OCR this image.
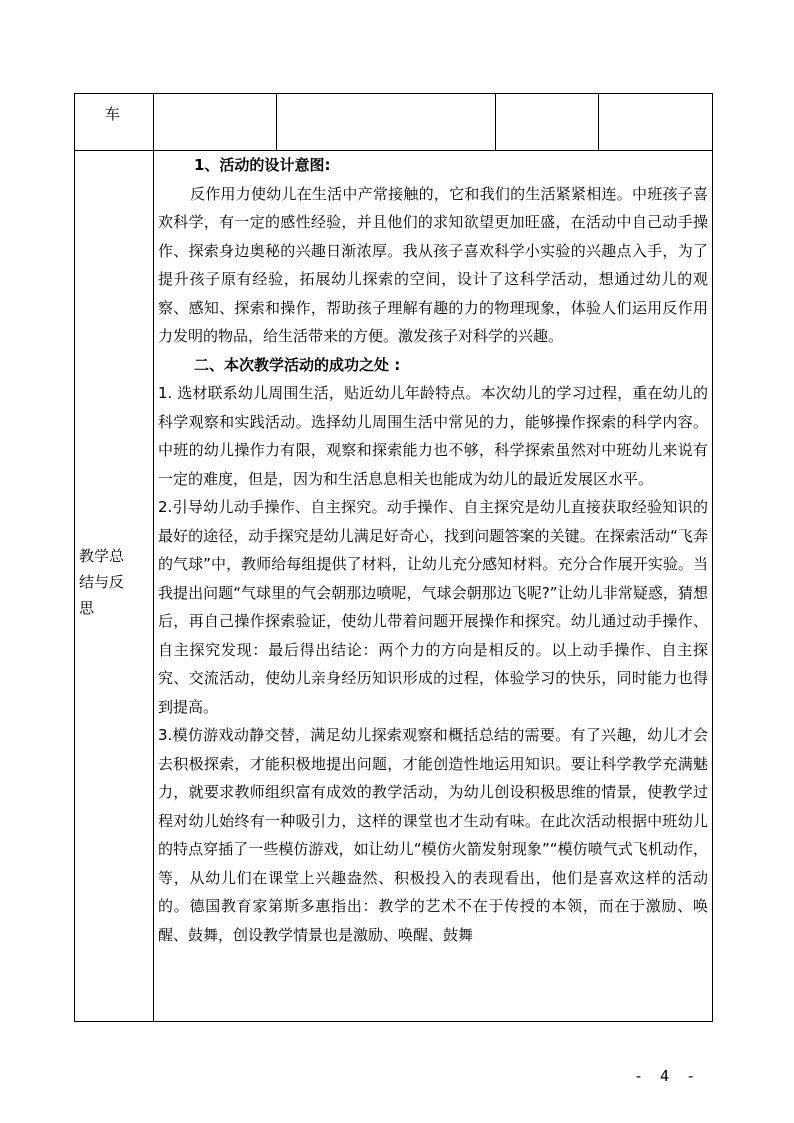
车
教学总
结与反
思

1、活动的设计意图:

反作用力使幼儿在生活中产常接触的，它和我们的生活紧紧相连。中班孩子喜欢科学，有一定的感性经验，并且他们的求知欲望更加旺盛，在活动中自己动手操作、探索身边奥秘的兴趣日渐浓厚。我从孩子喜欢科学小实验的兴趣点入手，为了提升孩子原有经验，拓展幼儿探索的空间，设计了这科学活动，想通过幼儿的观察、感知、探索和操作，帮助孩子理解有趣的力的物理现象，体验人们运用反作用力发明的物品，给生活带来的方便。激发孩子对科学的兴趣。

二、本次教学活动的成功之处 :

1. 选材联系幼儿周围生活，贴近幼儿年龄特点。本次幼儿的学习过程，重在幼儿的科学观察和实践活动。选择幼儿周围生活中常见的力，能够操作探索的科学内容。中班的幼儿操作力有限，观察和探索能力也不够，科学探索虽然对中班幼儿来说有一定的难度，但是，因为和生活息息相关也能成为幼儿的最近发展区水平。

2.引导幼儿动手操作、自主探究。动手操作、自主探究是幼儿直接获取经验知识的最好的途径，动手探究是幼儿满足好奇心，找到问题答案的关键。在探索活动“飞奔的气球”中，教师给每组提供了材料，让幼儿充分感知材料。充分合作展开实验。当我提出问题“气球里的气会朝那边喷呢，气球会朝那边飞呢?”让幼儿非常疑惑，猜想后，再自己操作探索验证，使幼儿带着问题开展操作和探究。幼儿通过动手操作、自主探究发现：最后得出结论：两个力的方向是相反的。以上动手操作、自主探究、交流活动，使幼儿亲身经历知识形成的过程，体验学习的快乐，同时能力也得到提高。

3.模仿游戏动静交替，满足幼儿探索观察和概括总结的需要。有了兴趣，幼儿才会去积极探索，才能积极地提出问题，才能创造性地运用知识。要让科学教学充满魅力，就要求教师组织富有成效的教学活动，为幼儿创设积极思维的情景，使教学过程对幼儿始终有一种吸引力，这样的课堂也才生动有味。在此次活动根据中班幼儿的特点穿插了一些模仿游戏，如让幼儿“模仿火箭发射现象”“模仿喷气式飞机动作，等，从幼儿们在课堂上兴趣盎然、积极投入的表现看出，他们是喜欢这样的活动的。德国教育家第斯多惠指出：教学的艺术不在于传授的本领，而在于激励、唤醒、鼓舞，创设教学情景也是激励、唤醒、鼓舞

- 4 -
